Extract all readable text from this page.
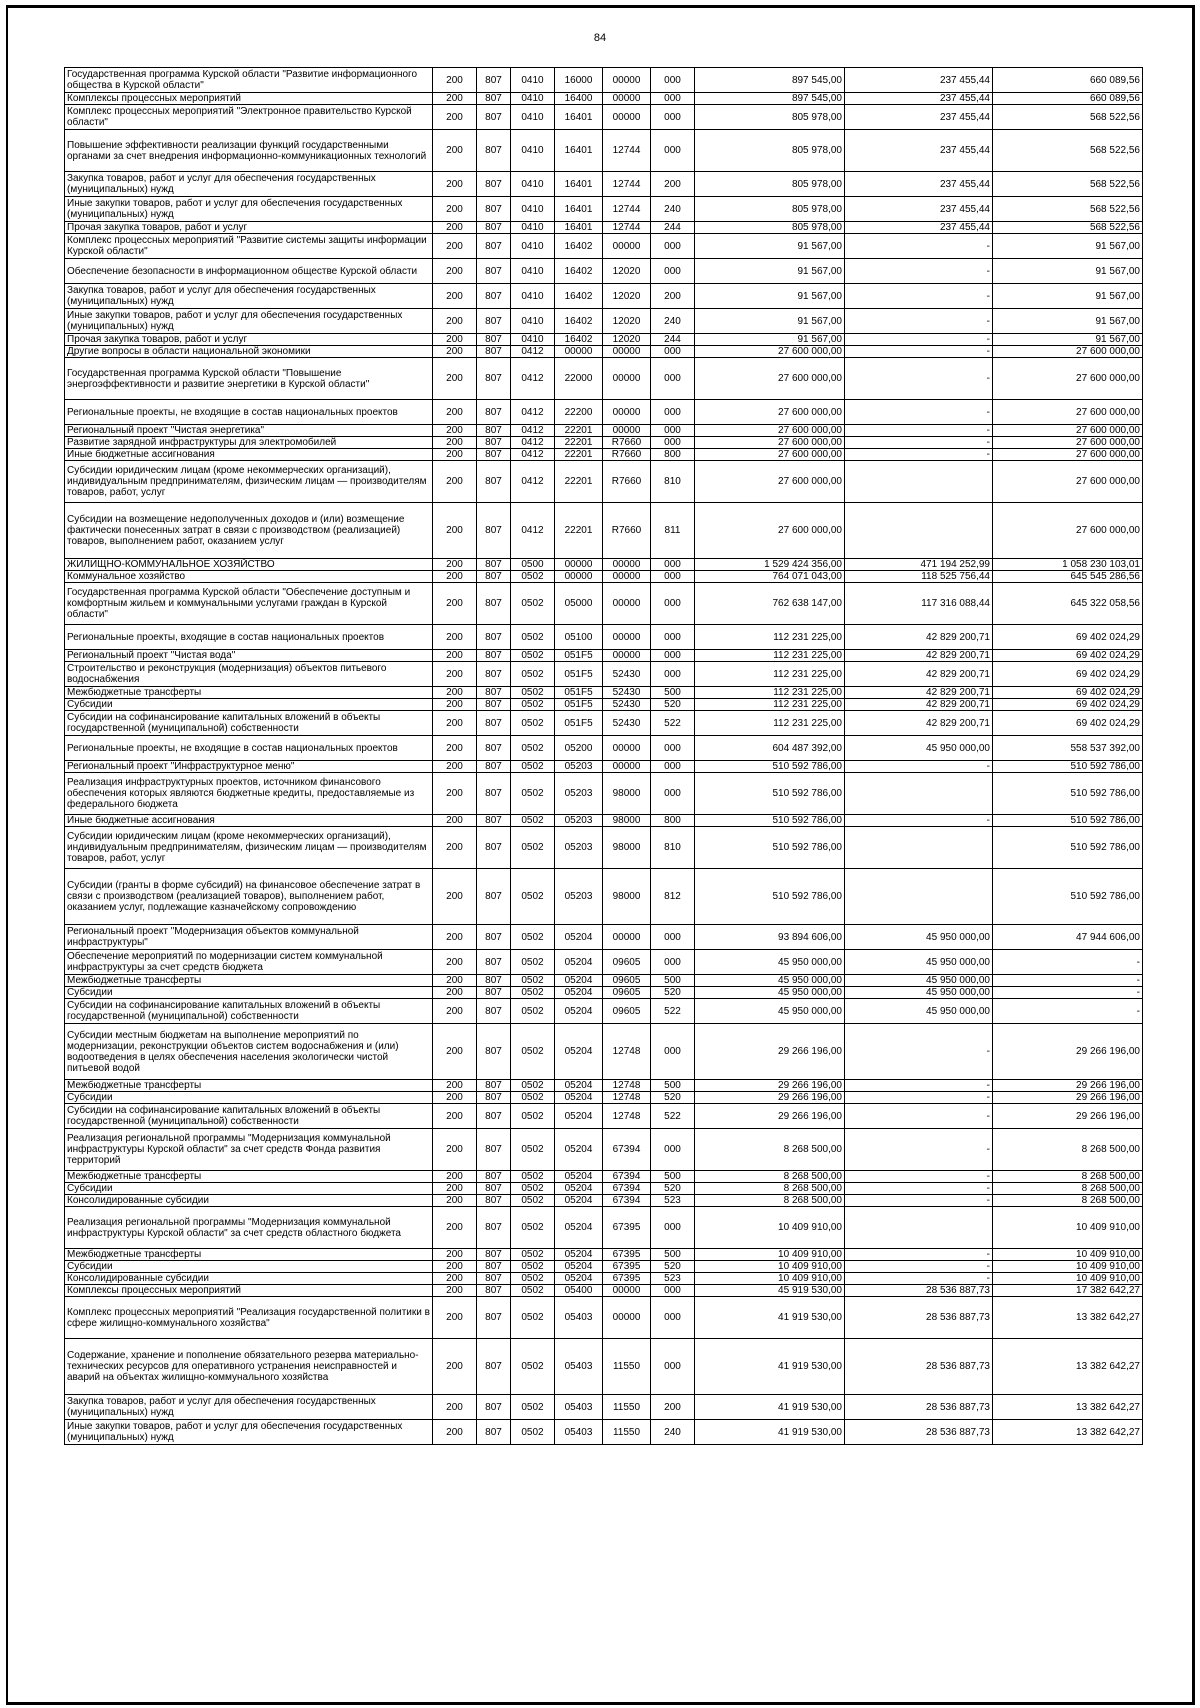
84
Государственная программа Курской области "Развитие информационного общества в Курской области"	200	807	0410	16000	00000	000	897 545,00	237 455,44	660 089,56
Комплексы процессных мероприятий	200	807	0410	16400	00000	000	897 545,00	237 455,44	660 089,56
Комплекс процессных мероприятий "Электронное правительство Курской области"	200	807	0410	16401	00000	000	805 978,00	237 455,44	568 522,56
Повышение эффективности реализации функций государственными органами за счет внедрения информационно-коммуникационных технологий	200	807	0410	16401	12744	000	805 978,00	237 455,44	568 522,56
Закупка товаров, работ и услуг для обеспечения государственных (муниципальных) нужд	200	807	0410	16401	12744	200	805 978,00	237 455,44	568 522,56
Иные закупки товаров, работ и услуг для обеспечения государственных (муниципальных) нужд	200	807	0410	16401	12744	240	805 978,00	237 455,44	568 522,56
Прочая закупка товаров, работ и услуг	200	807	0410	16401	12744	244	805 978,00	237 455,44	568 522,56
Комплекс процессных мероприятий "Развитие системы защиты информации Курской области"	200	807	0410	16402	00000	000	91 567,00	-	91 567,00
Обеспечение безопасности в информационном обществе Курской области	200	807	0410	16402	12020	000	91 567,00	-	91 567,00
Закупка товаров, работ и услуг для обеспечения государственных (муниципальных) нужд	200	807	0410	16402	12020	200	91 567,00	-	91 567,00
Иные закупки товаров, работ и услуг для обеспечения государственных (муниципальных) нужд	200	807	0410	16402	12020	240	91 567,00	-	91 567,00
Прочая закупка товаров, работ и услуг	200	807	0410	16402	12020	244	91 567,00	-	91 567,00
Другие вопросы в области национальной экономики	200	807	0412	00000	00000	000	27 600 000,00	-	27 600 000,00
Государственная программа Курской области "Повышение энергоэффективности и развитие энергетики в Курской области"	200	807	0412	22000	00000	000	27 600 000,00	-	27 600 000,00
Региональные проекты, не входящие в состав национальных проектов	200	807	0412	22200	00000	000	27 600 000,00	-	27 600 000,00
Региональный проект "Чистая энергетика"	200	807	0412	22201	00000	000	27 600 000,00	-	27 600 000,00
Развитие зарядной инфраструктуры для электромобилей	200	807	0412	22201	R7660	000	27 600 000,00	-	27 600 000,00
Иные бюджетные ассигнования	200	807	0412	22201	R7660	800	27 600 000,00	-	27 600 000,00
Субсидии юридическим лицам (кроме некоммерческих организаций), индивидуальным предпринимателям, физическим лицам — производителям товаров, работ, услуг	200	807	0412	22201	R7660	810	27 600 000,00		27 600 000,00
Субсидии на возмещение недополученных доходов и (или) возмещение фактически понесенных затрат в связи с производством (реализацией) товаров, выполнением работ, оказанием услуг	200	807	0412	22201	R7660	811	27 600 000,00		27 600 000,00
ЖИЛИЩНО-КОММУНАЛЬНОЕ ХОЗЯЙСТВО	200	807	0500	00000	00000	000	1 529 424 356,00	471 194 252,99	1 058 230 103,01
Коммунальное хозяйство	200	807	0502	00000	00000	000	764 071 043,00	118 525 756,44	645 545 286,56
Государственная программа Курской области "Обеспечение доступным и комфортным жильем и коммунальными услугами граждан в Курской области"	200	807	0502	05000	00000	000	762 638 147,00	117 316 088,44	645 322 058,56
Региональные проекты, входящие в состав национальных проектов	200	807	0502	05100	00000	000	112 231 225,00	42 829 200,71	69 402 024,29
Региональный проект "Чистая вода"	200	807	0502	051F5	00000	000	112 231 225,00	42 829 200,71	69 402 024,29
Строительство и реконструкция (модернизация) объектов питьевого водоснабжения	200	807	0502	051F5	52430	000	112 231 225,00	42 829 200,71	69 402 024,29
Межбюджетные трансферты	200	807	0502	051F5	52430	500	112 231 225,00	42 829 200,71	69 402 024,29
Субсидии	200	807	0502	051F5	52430	520	112 231 225,00	42 829 200,71	69 402 024,29
Субсидии на софинансирование капитальных вложений в объекты государственной (муниципальной) собственности	200	807	0502	051F5	52430	522	112 231 225,00	42 829 200,71	69 402 024,29
Региональные проекты, не входящие в состав национальных проектов	200	807	0502	05200	00000	000	604 487 392,00	45 950 000,00	558 537 392,00
Региональный проект "Инфраструктурное меню"	200	807	0502	05203	00000	000	510 592 786,00	-	510 592 786,00
Реализация инфраструктурных проектов, источником финансового обеспечения которых являются бюджетные кредиты, предоставляемые из федерального бюджета	200	807	0502	05203	98000	000	510 592 786,00		510 592 786,00
Иные бюджетные ассигнования	200	807	0502	05203	98000	800	510 592 786,00	-	510 592 786,00
Субсидии юридическим лицам (кроме некоммерческих организаций), индивидуальным предпринимателям, физическим лицам — производителям товаров, работ, услуг	200	807	0502	05203	98000	810	510 592 786,00		510 592 786,00
Субсидии (гранты в форме субсидий) на финансовое обеспечение затрат в связи с производством (реализацией товаров), выполнением работ, оказанием услуг, подлежащие казначейскому сопровождению	200	807	0502	05203	98000	812	510 592 786,00		510 592 786,00
Региональный проект "Модернизация объектов коммунальной инфраструктуры"	200	807	0502	05204	00000	000	93 894 606,00	45 950 000,00	47 944 606,00
Обеспечение мероприятий по модернизации систем коммунальной инфраструктуры за счет средств бюджета	200	807	0502	05204	09605	000	45 950 000,00	45 950 000,00	-
Межбюджетные трансферты	200	807	0502	05204	09605	500	45 950 000,00	45 950 000,00	-
Субсидии	200	807	0502	05204	09605	520	45 950 000,00	45 950 000,00	-
Субсидии на софинансирование капитальных вложений в объекты государственной (муниципальной) собственности	200	807	0502	05204	09605	522	45 950 000,00	45 950 000,00	-
Субсидии местным бюджетам на выполнение мероприятий по модернизации, реконструкции объектов систем водоснабжения и (или) водоотведения в целях обеспечения населения экологически чистой питьевой водой	200	807	0502	05204	12748	000	29 266 196,00	-	29 266 196,00
Межбюджетные трансферты	200	807	0502	05204	12748	500	29 266 196,00	-	29 266 196,00
Субсидии	200	807	0502	05204	12748	520	29 266 196,00	-	29 266 196,00
Субсидии на софинансирование капитальных вложений в объекты государственной (муниципальной) собственности	200	807	0502	05204	12748	522	29 266 196,00	-	29 266 196,00
Реализация региональной программы "Модернизация коммунальной инфраструктуры Курской области" за счет средств Фонда развития территорий	200	807	0502	05204	67394	000	8 268 500,00	-	8 268 500,00
Межбюджетные трансферты	200	807	0502	05204	67394	500	8 268 500,00	-	8 268 500,00
Субсидии	200	807	0502	05204	67394	520	8 268 500,00	-	8 268 500,00
Консолидированные субсидии	200	807	0502	05204	67394	523	8 268 500,00	-	8 268 500,00
Реализация региональной программы "Модернизация коммунальной инфраструктуры Курской области" за счет средств областного бюджета	200	807	0502	05204	67395	000	10 409 910,00		10 409 910,00
Межбюджетные трансферты	200	807	0502	05204	67395	500	10 409 910,00	-	10 409 910,00
Субсидии	200	807	0502	05204	67395	520	10 409 910,00	-	10 409 910,00
Консолидированные субсидии	200	807	0502	05204	67395	523	10 409 910,00	-	10 409 910,00
Комплексы процессных мероприятий	200	807	0502	05400	00000	000	45 919 530,00	28 536 887,73	17 382 642,27
Комплекс процессных мероприятий "Реализация государственной политики в сфере жилищно-коммунального хозяйства"	200	807	0502	05403	00000	000	41 919 530,00	28 536 887,73	13 382 642,27
Содержание, хранение и пополнение обязательного резерва материально-технических ресурсов для оперативного устранения неисправностей и аварий на объектах жилищно-коммунального хозяйства	200	807	0502	05403	11550	000	41 919 530,00	28 536 887,73	13 382 642,27
Закупка товаров, работ и услуг для обеспечения государственных (муниципальных) нужд	200	807	0502	05403	11550	200	41 919 530,00	28 536 887,73	13 382 642,27
Иные закупки товаров, работ и услуг для обеспечения государственных (муниципальных) нужд	200	807	0502	05403	11550	240	41 919 530,00	28 536 887,73	13 382 642,27
